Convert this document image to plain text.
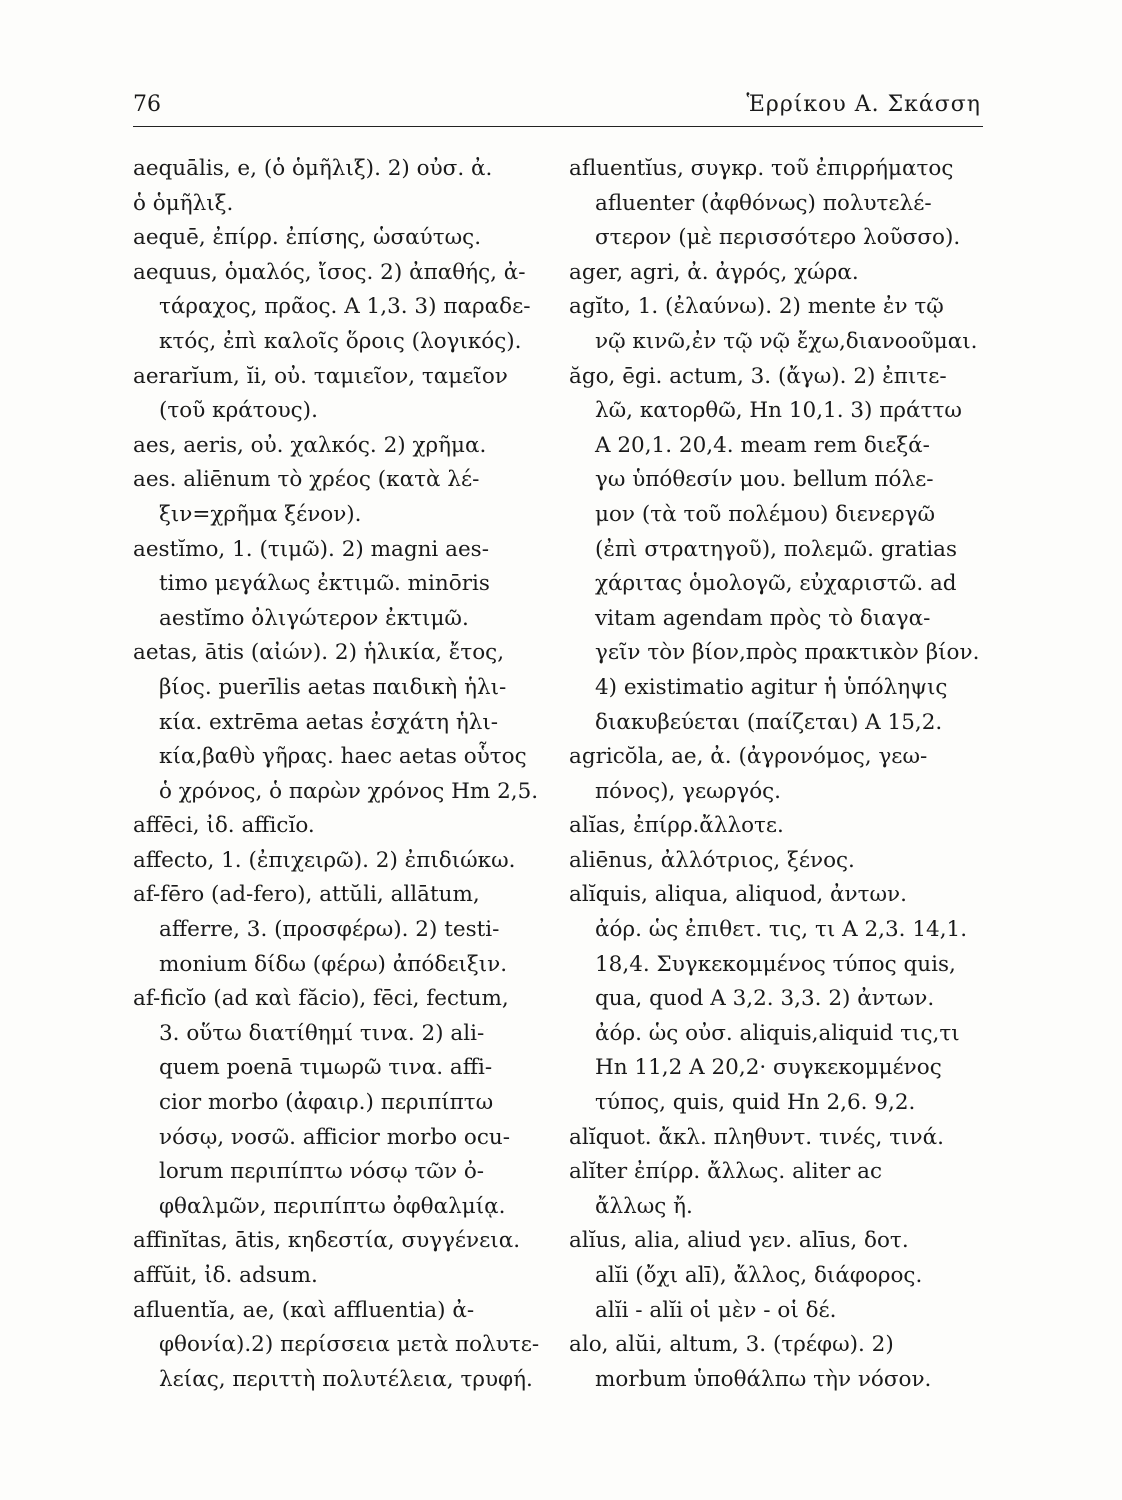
76	Ἑρρίκου Α. Σκάσση
aequālis, e, (ὁ ὁμῆλιξ). 2) οὐσ. ἀ.
ὁ ὁμῆλιξ.
aequē, ἐπίρρ. ἐπίσης, ὡσαύτως.
aequus, ὁμαλός, ἴσος. 2) ἀπαθής, ἀ-
τάραχος, πρᾶος. Α 1,3. 3) παραδε-
κτός, ἐπὶ καλοῖς ὅροις (λογικός).
aerarĭum, ĭi, οὐ. ταμιεῖον, ταμεῖον
(τοῦ κράτους).
aes, aeris, οὐ. χαλκός. 2) χρῆμα.
aes. aliēnum τὸ χρέος (κατὰ λέ-
ξιν=χρῆμα ξένον).
aestĭmo, 1. (τιμῶ). 2) magni aes-
timo μεγάλως ἐκτιμῶ. minōris
aestĭmo ὀλιγώτερον ἐκτιμῶ.
aetas, ātis (αἰών). 2) ἡλικία, ἔτος,
βίος. puerīlis aetas παιδικὴ ἡλι-
κία. extrēma aetas ἐσχάτη ἡλι-
κία,βαθὺ γῆρας. haec aetas οὗτος
ὁ χρόνος, ὁ παρὼν χρόνος Hm 2,5.
affēci, ἰδ. afficĭo.
affecto, 1. (ἐπιχειρῶ). 2) ἐπιδιώκω.
af-fēro (ad-fero), attŭli, allātum,
afferre, 3. (προσφέρω). 2) testi-
monium δίδω (φέρω) ἀπόδειξιν.
af-ficĭo (ad καὶ făcio), fēci, fectum,
3. οὕτω διατίθημί τινα. 2) ali-
quem poenā τιμωρῶ τινα. affi-
cior morbo (ἀφαιρ.) περιπίπτω
νόσῳ, νοσῶ. afficior morbo ocu-
lorum περιπίπτω νόσῳ τῶν ὀ-
φθαλμῶν, περιπίπτω ὀφθαλμίᾳ.
affinĭtas, ātis, κηδεστία, συγγένεια.
affŭit, ἰδ. adsum.
afluentĭa, ae, (καὶ affluentia) ἀ-
φθονία).2) περίσσεια μετὰ πολυτε-
λείας, περιττὴ πολυτέλεια, τρυφή.
afluentĭus, συγκρ. τοῦ ἐπιρρήματος
afluenter (ἀφθόνως) πολυτελέ-
στερον (μὲ περισσότερο λοῦσσο).
ager, agri, ἀ. ἀγρός, χώρα.
agĭto, 1. (ἐλαύνω). 2) mente ἐν τῷ
νῷ κινῶ,ἐν τῷ νῷ ἔχω,διανοοῦμαι.
ăgo, ēgi. actum, 3. (ἄγω). 2) ἐπιτε-
λῶ, κατορθῶ, Hn 10,1. 3) πράττω
Α 20,1. 20,4. meam rem διεξά-
γω ὑπόθεσίν μου. bellum πόλε-
μον (τὰ τοῦ πολέμου) διενεργῶ
(ἐπὶ στρατηγοῦ), πολεμῶ. gratias
χάριτας ὁμολογῶ, εὐχαριστῶ. ad
vitam agendam πρὸς τὸ διαγα-
γεῖν τὸν βίον,πρὸς πρακτικὸν βίον.
4) existimatio agitur ἡ ὑπόληψις
διακυβεύεται (παίζεται) Α 15,2.
agricŏla, ae, ἀ. (ἀγρονόμος, γεω-
πόνος), γεωργός.
alĭas, ἐπίρρ.ἄλλοτε.
aliēnus, ἀλλότριος, ξένος.
alĭquis, aliqua, aliquod, ἀντων.
ἀόρ. ὡς ἐπιθετ. τις, τι Α 2,3. 14,1.
18,4. Συγκεκομμένος τύπος quis,
qua, quod Α 3,2. 3,3. 2) ἀντων.
ἀόρ. ὡς οὐσ. aliquis,aliquid τις,τι
Hn 11,2 Α 20,2· συγκεκομμένος
τύπος, quis, quid Hn 2,6. 9,2.
alĭquot. ἄκλ. πληθυντ. τινές, τινά.
alĭter ἐπίρρ. ἄλλως. aliter ac
ἄλλως ἤ.
alĭus, alia, aliud γεν. alīus, δοτ.
alĭi (ὄχι alī), ἄλλος, διάφορος.
alĭi - alĭi οἱ μὲν - οἱ δέ.
alo, alŭi, altum, 3. (τρέφω). 2)
morbum ὑποθάλπω τὴν νόσον.
